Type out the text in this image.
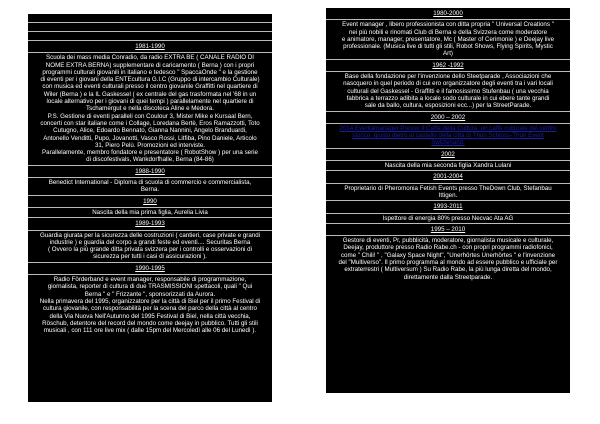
1981-1990
Scuola dei mass media Conradio, da radio EXTRA BE ( CANALE RADIO DI
NOME EXTRA BERNA) supplementare di caricamento ( Berna ) con i propri
programmi culturali giovanili in italiano e tedesco " SpaccaOnde " e la gestione
di eventi per i giovani della ENTEcultura G.I.C (Gruppo di intercambio Culturale)
con musica ed eventi culturali presso il centro giovanile Graffitti nel quartiere di
Wiler (Berna ) e la IL Gaskessel ( ex centrale del gas trasformata nel '68 in un
locale alternativo per i giovani di quei tempi ) parallelamente nel quartiere di
Tschamergut e nella discoteca Aline e Medora.
P.S. Gestione di eventi paralleli con Coulour 3, Mister Mike e Kursaal Bern,
concerti con star italiane come i Collage, Loredana Bertè, Eros Ramazzotti, Toto
Cutugno, Alice, Edoardo Bennato, Gianna Nannini, Angelo Branduardi,
Antonello Venditti, Pupo, Jovanotti, Vasco Rossi, Litfiba, Pino Daniele, Articolo
31, Piero Pelù. Promozioni ed interviste.
Parallelamente, membro fondatore e presentatore ( RobotShow ) per una serie
di discofestivals, Wankdorfhalle, Berna (84-86)
1988-1990
Benedict International - Diploma di scuola di commercio e commercialista,
Berna.
1990
Nascita della mia prima figlia, Aurelia Livia
1989-1993
Guardia giurata per la sicurezza delle costruzioni ( cantieri, case private e grandi
industrie ) e guardia del corpo a grandi feste ed eventi.... Securitas Berna
( Ovvero la più grande ditta privata svizzera per i controlli e osservazioni di
sicurezza per tutti i casi di assicurazioni ).
1990-1995
Radio Förderband e event manager, responsabile di programmazione,
giornalista, reporter di cultura di due TRASMISSIONI spettacoli, quali " Qui
Berna " e " Frizzante ", sponsorizzati da Aurora.
Nella primavera del 1995, organizzatore per la città di Biel per il primo Festival di
cultura giovanile, con responsabilità per la scena del parco della città al centro
della Via Nuova Nell'Autunno del 1995 Festival di Biel, nella città vecchia,
Röschub, detentore del record del mondo come deejay in pubblico. Tutti gli stili
musicali , con 111 ore live mix ( dalle 15pm del Mercoledì alle 06 del Lunedì ).
1980-2000
Event manager , libero professionista con ditta propria " Universal Creations "
nei più nobili e rinomati Club di Berna e della Svizzera come moderatore
e animatore, manager, presentatore, Mc ( Master of Cerimonie ) e Deejay live
professionale. (Musica live di tutti gli stili, Robot Shows, Flying Spirits, Mystic
Art)
1962 -1992
Base della fondazione per l'invenzione dello Steetparade , Associazioni che
nascquero in quel periodo di cui ero organizzatore degli eventi tra i vari locali
culturali del Gaskessel - Graffitti e il famosissimo Stufenbau ( una vecchia
fabbrica a terrazzo adibita a locale sodo culturale in cui ebere tante grandi
sale da ballo, cultura, esposizioni ecc...) per la StreetParade.
2000 – 2002
2014 Eventamanager Presso Il Caffè della Cultura, un caffè culturale del centro
storico, giusto dietro al castello della città di Thun Schloss-Thun Event
Switzerland.
2002
Nascita della mia seconda figlia Xandra Lulani
2001-2004
Proprietario di Pheromonia Fetish Events presso TheDown Club, Stefanbau
Ittigen.
1993-2011
Ispettore di energia 80% presso Necvac Ata AG
1995 – 2010
Gestore di eventi, Pr, pubblicità, moderatore, giornalista musicale e culturale,
Deejay, produttore presso Radio Rabe.ch - con propri programmi radiofonici,
come " Chili! " , "Galaxy Space Night", "Unerhörtes Unerhörtes " e l'invenzione
del "Multiverso". Il primo programma al mondo ad essere pubblico e ufficiale per
extraterrestri ( Multiversum ) Su Radio Rabe, la più lunga diretta del mondo,
direttamente dalla Streetparade.
